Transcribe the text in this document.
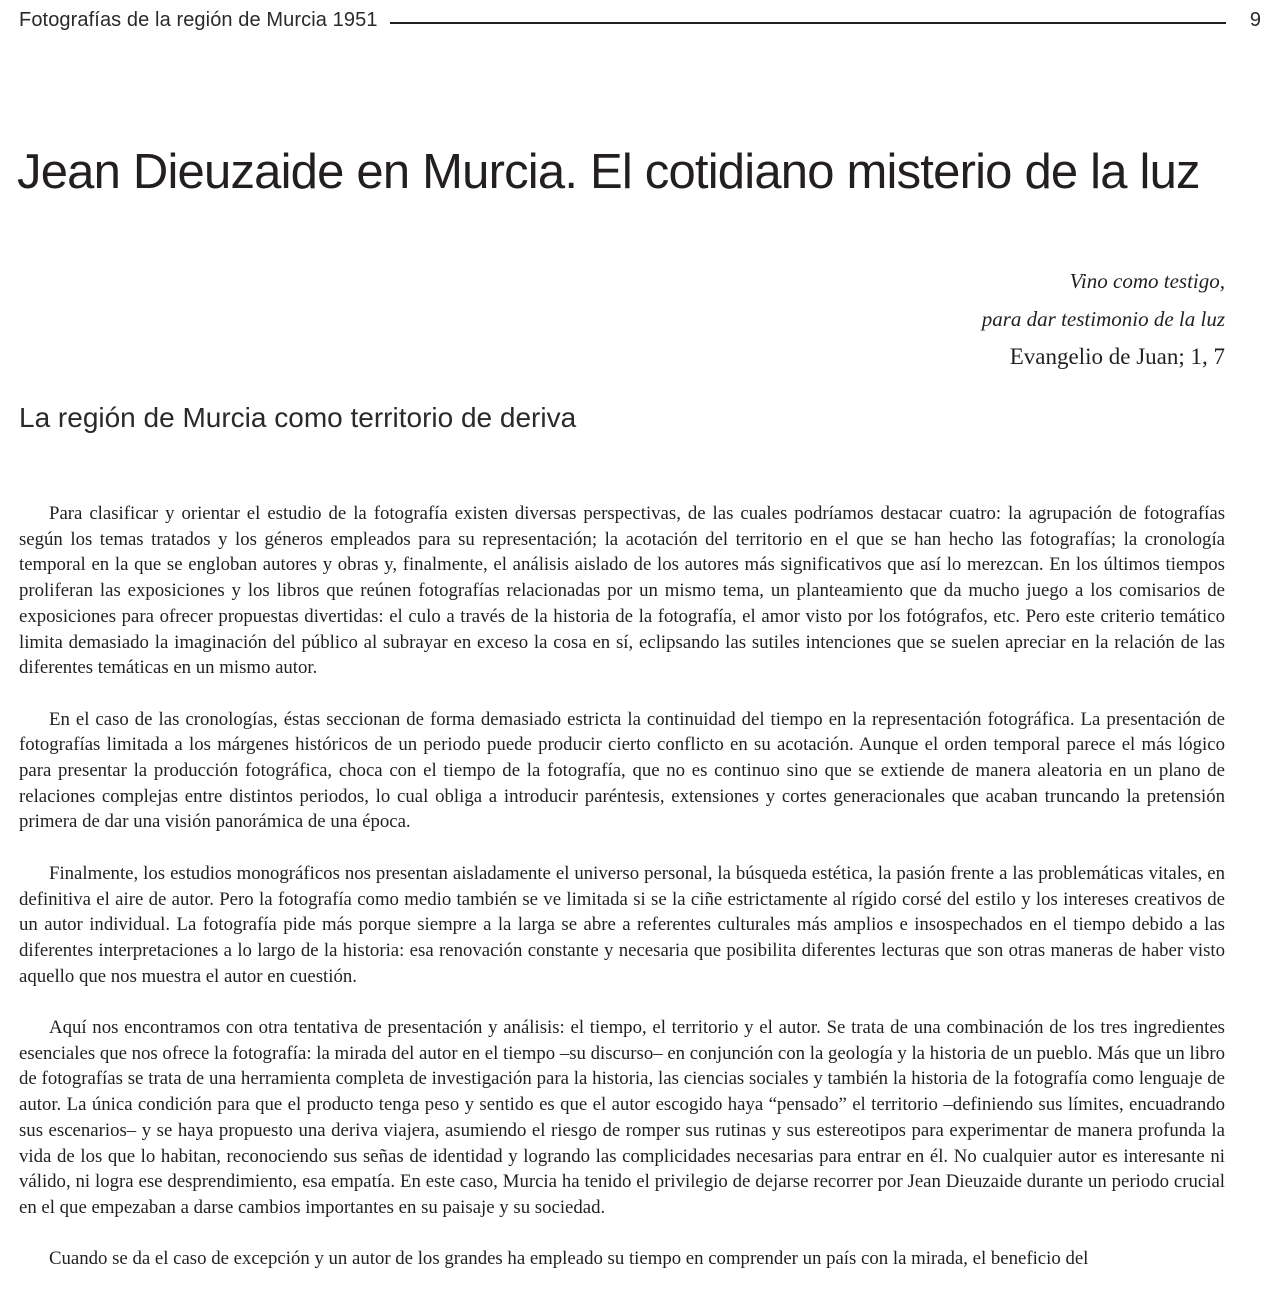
Fotografías de la región de Murcia 1951	9
Jean Dieuzaide en Murcia. El cotidiano misterio de la luz
Vino como testigo,
para dar testimonio de la luz
Evangelio de Juan; 1, 7
La región de Murcia como territorio de deriva

Para clasificar y orientar el estudio de la fotografía existen diversas perspectivas, de las cuales podríamos destacar cuatro: la agrupación de fotografías según los temas tratados y los géneros empleados para su representación; la acotación del territorio en el que se han hecho las fotografías; la cronología temporal en la que se engloban autores y obras y, finalmente, el análisis aislado de los autores más significativos que así lo merezcan. En los últimos tiempos proliferan las exposiciones y los libros que reúnen fotografías relacionadas por un mismo tema, un planteamiento que da mucho juego a los comisarios de exposiciones para ofrecer propuestas divertidas: el culo a través de la historia de la fotografía, el amor visto por los fotógrafos, etc. Pero este criterio temático limita demasiado la imaginación del público al subrayar en exceso la cosa en sí, eclipsando las sutiles intenciones que se suelen apreciar en la relación de las diferentes temáticas en un mismo autor.

En el caso de las cronologías, éstas seccionan de forma demasiado estricta la continuidad del tiempo en la representación fotográfica. La presentación de fotografías limitada a los márgenes históricos de un periodo puede producir cierto conflicto en su acotación. Aunque el orden temporal parece el más lógico para presentar la producción fotográfica, choca con el tiempo de la fotografía, que no es continuo sino que se extiende de manera aleatoria en un plano de relaciones complejas entre distintos periodos, lo cual obliga a introducir paréntesis, extensiones y cortes generacionales que acaban truncando la pretensión primera de dar una visión panorámica de una época.

Finalmente, los estudios monográficos nos presentan aisladamente el universo personal, la búsqueda estética, la pasión frente a las problemáticas vitales, en definitiva el aire de autor. Pero la fotografía como medio también se ve limitada si se la ciñe estrictamente al rígido corsé del estilo y los intereses creativos de un autor individual. La fotografía pide más porque siempre a la larga se abre a referentes culturales más amplios e insospechados en el tiempo debido a las diferentes interpretaciones a lo largo de la historia: esa renovación constante y necesaria que posibilita diferentes lecturas que son otras maneras de haber visto aquello que nos muestra el autor en cuestión.

Aquí nos encontramos con otra tentativa de presentación y análisis: el tiempo, el territorio y el autor. Se trata de una combinación de los tres ingredientes esenciales que nos ofrece la fotografía: la mirada del autor en el tiempo –su discurso– en conjunción con la geología y la historia de un pueblo. Más que un libro de fotografías se trata de una herramienta completa de investigación para la historia, las ciencias sociales y también la historia de la fotografía como lenguaje de autor. La única condición para que el producto tenga peso y sentido es que el autor escogido haya “pensado” el territorio –definiendo sus límites, encuadrando sus escenarios– y se haya propuesto una deriva viajera, asumiendo el riesgo de romper sus rutinas y sus estereotipos para experimentar de manera profunda la vida de los que lo habitan, reconociendo sus señas de identidad y logrando las complicidades necesarias para entrar en él. No cualquier autor es interesante ni válido, ni logra ese desprendimiento, esa empatía. En este caso, Murcia ha tenido el privilegio de dejarse recorrer por Jean Dieuzaide durante un periodo crucial en el que empezaban a darse cambios importantes en su paisaje y su sociedad.

Cuando se da el caso de excepción y un autor de los grandes ha empleado su tiempo en comprender un país con la mirada, el beneficio del
